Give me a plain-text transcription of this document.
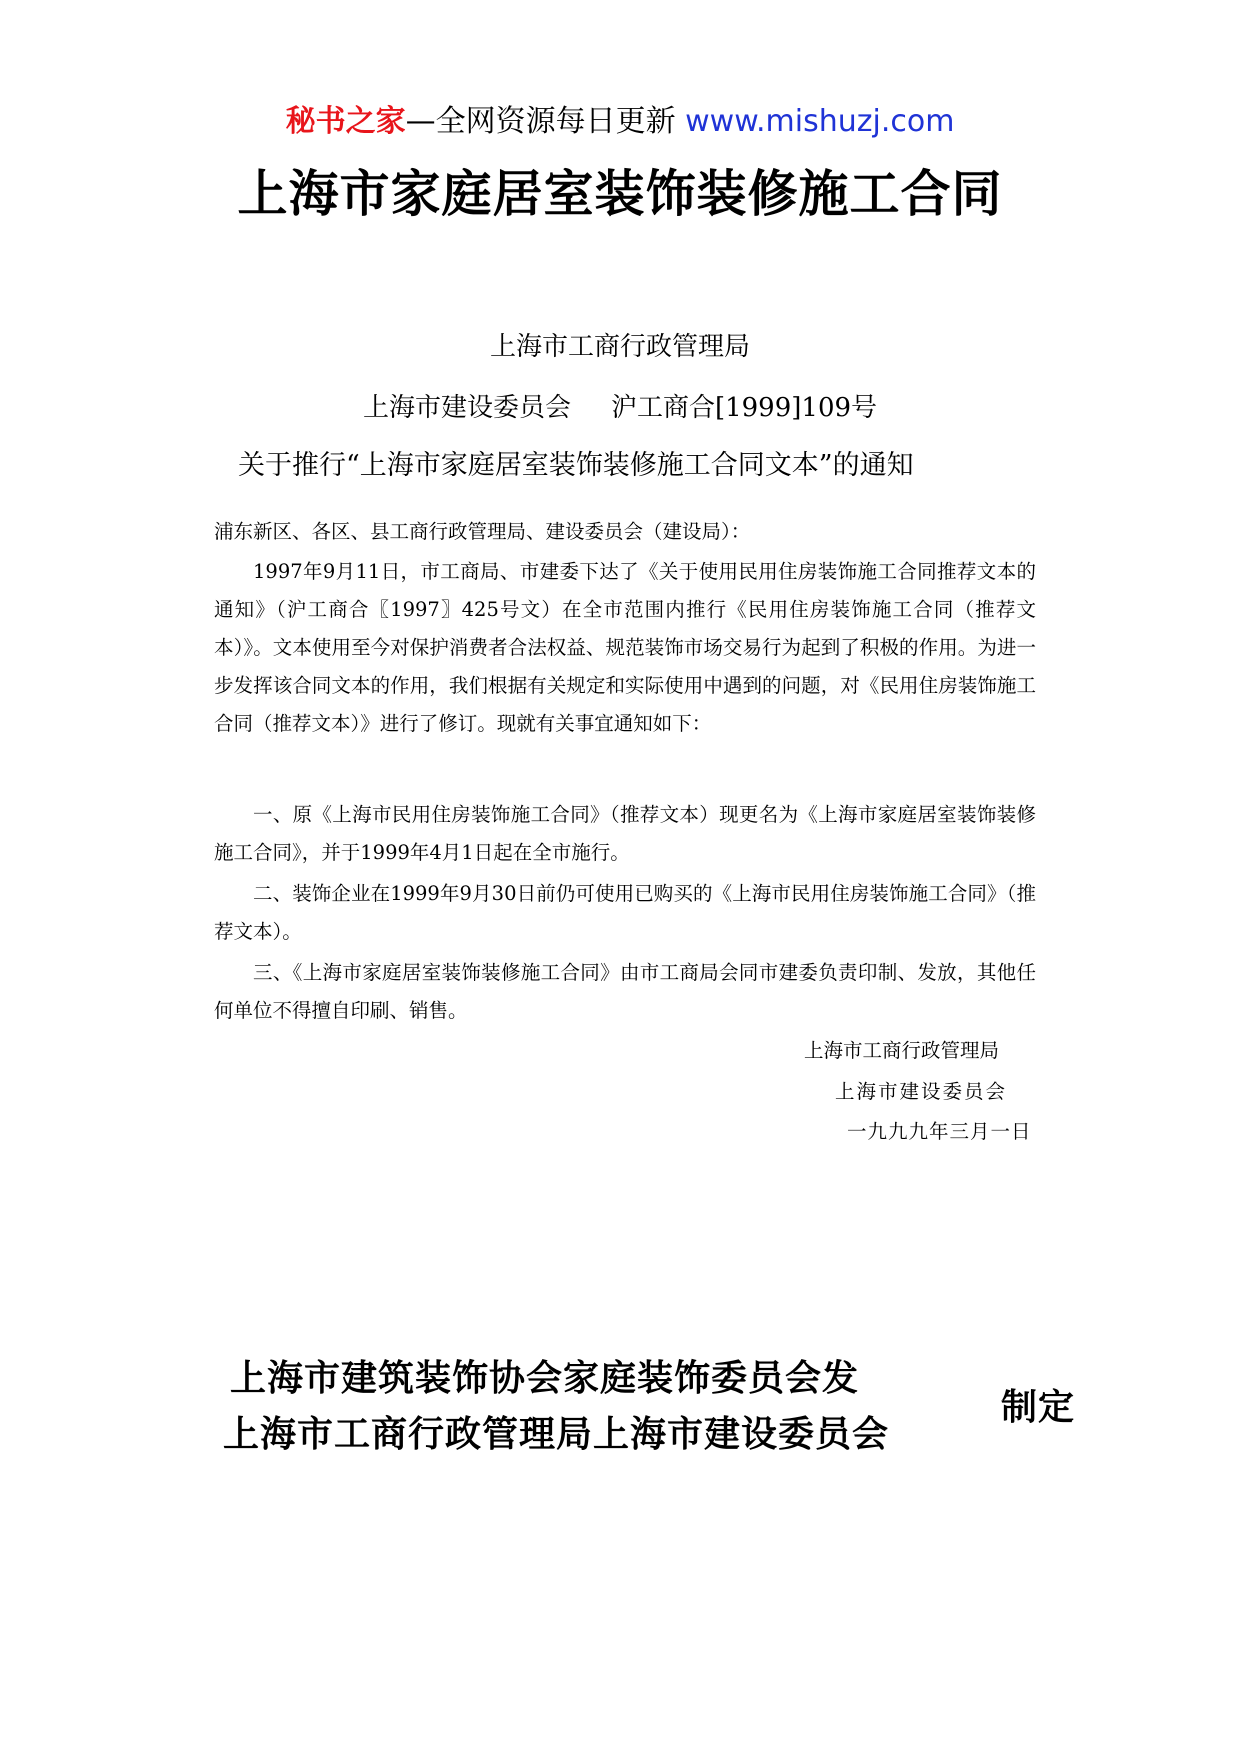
秘书之家—全网资源每日更新 www.mishuzj.com
上海市家庭居室装饰装修施工合同
上海市工商行政管理局
上海市建设委员会 沪工商合[1999]109号
关于推行“上海市家庭居室装饰装修施工合同文本”的通知

浦东新区、各区、县工商行政管理局、建设委员会（建设局）：

1997年9月11日，市工商局、市建委下达了《关于使用民用住房装饰施工合同推荐文本的通知》（沪工商合〖1997〗425号文）在全市范围内推行《民用住房装饰施工合同（推荐文本）》。文本使用至今对保护消费者合法权益、规范装饰市场交易行为起到了积极的作用。为进一步发挥该合同文本的作用，我们根据有关规定和实际使用中遇到的问题，对《民用住房装饰施工合同（推荐文本）》进行了修订。现就有关事宜通知如下：

一、原《上海市民用住房装饰施工合同》（推荐文本）现更名为《上海市家庭居室装饰装修施工合同》，并于1999年4月1日起在全市施行。

二、装饰企业在1999年9月30日前仍可使用已购买的《上海市民用住房装饰施工合同》（推荐文本）。

三、《上海市家庭居室装饰装修施工合同》由市工商局会同市建委负责印制、发放，其他任何单位不得擅自印刷、销售。

上海市工商行政管理局
上海市建设委员会
一九九九年三月一日
上海市建筑装饰协会家庭装饰委员会发
上海市工商行政管理局上海市建设委员会
制定
